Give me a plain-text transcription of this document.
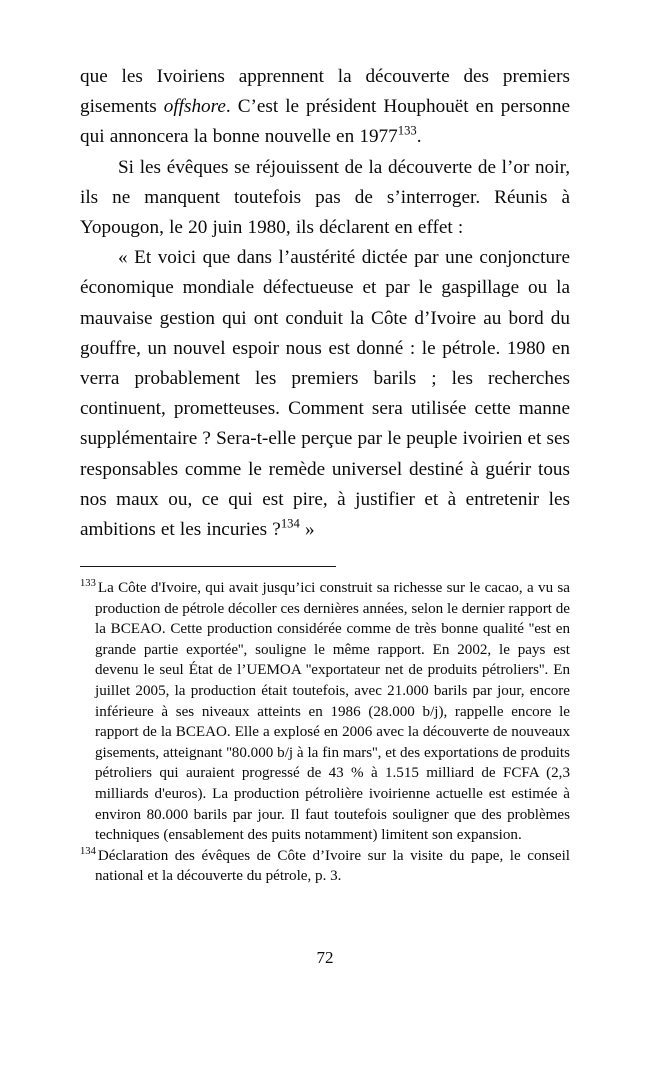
que les Ivoiriens apprennent la découverte des premiers gisements offshore. C’est le président Houphouët en personne qui annoncera la bonne nouvelle en 1977$^{133}$.

Si les évêques se réjouissent de la découverte de l’or noir, ils ne manquent toutefois pas de s’interroger. Réunis à Yopougon, le 20 juin 1980, ils déclarent en effet :

« Et voici que dans l’austérité dictée par une conjoncture économique mondiale défectueuse et par le gaspillage ou la mauvaise gestion qui ont conduit la Côte d’Ivoire au bord du gouffre, un nouvel espoir nous est donné : le pétrole. 1980 en verra probablement les premiers barils ; les recherches continuent, prometteuses. Comment sera utilisée cette manne supplémentaire ? Sera-t-elle perçue par le peuple ivoirien et ses responsables comme le remède universel destiné à guérir tous nos maux ou, ce qui est pire, à justifier et à entretenir les ambitions et les incuries ?$^{134}$ »

$^{133}$ La Côte d'Ivoire, qui avait jusqu’ici construit sa richesse sur le cacao, a vu sa production de pétrole décoller ces dernières années, selon le dernier rapport de la BCEAO. Cette production considérée comme de très bonne qualité ''est en grande partie exportée'', souligne le même rapport. En 2002, le pays est devenu le seul État de l’UEMOA ''exportateur net de produits pétroliers''. En juillet 2005, la production était toutefois, avec 21.000 barils par jour, encore inférieure à ses niveaux atteints en 1986 (28.000 b/j), rappelle encore le rapport de la BCEAO. Elle a explosé en 2006 avec la découverte de nouveaux gisements, atteignant ''80.000 b/j à la fin mars'', et des exportations de produits pétroliers qui auraient progressé de 43 % à 1.515 milliard de FCFA (2,3 milliards d'euros). La production pétrolière ivoirienne actuelle est estimée à environ 80.000 barils par jour. Il faut toutefois souligner que des problèmes techniques (ensablement des puits notamment) limitent son expansion.

$^{134}$ Déclaration des évêques de Côte d’Ivoire sur la visite du pape, le conseil national et la découverte du pétrole, p. 3.

72
